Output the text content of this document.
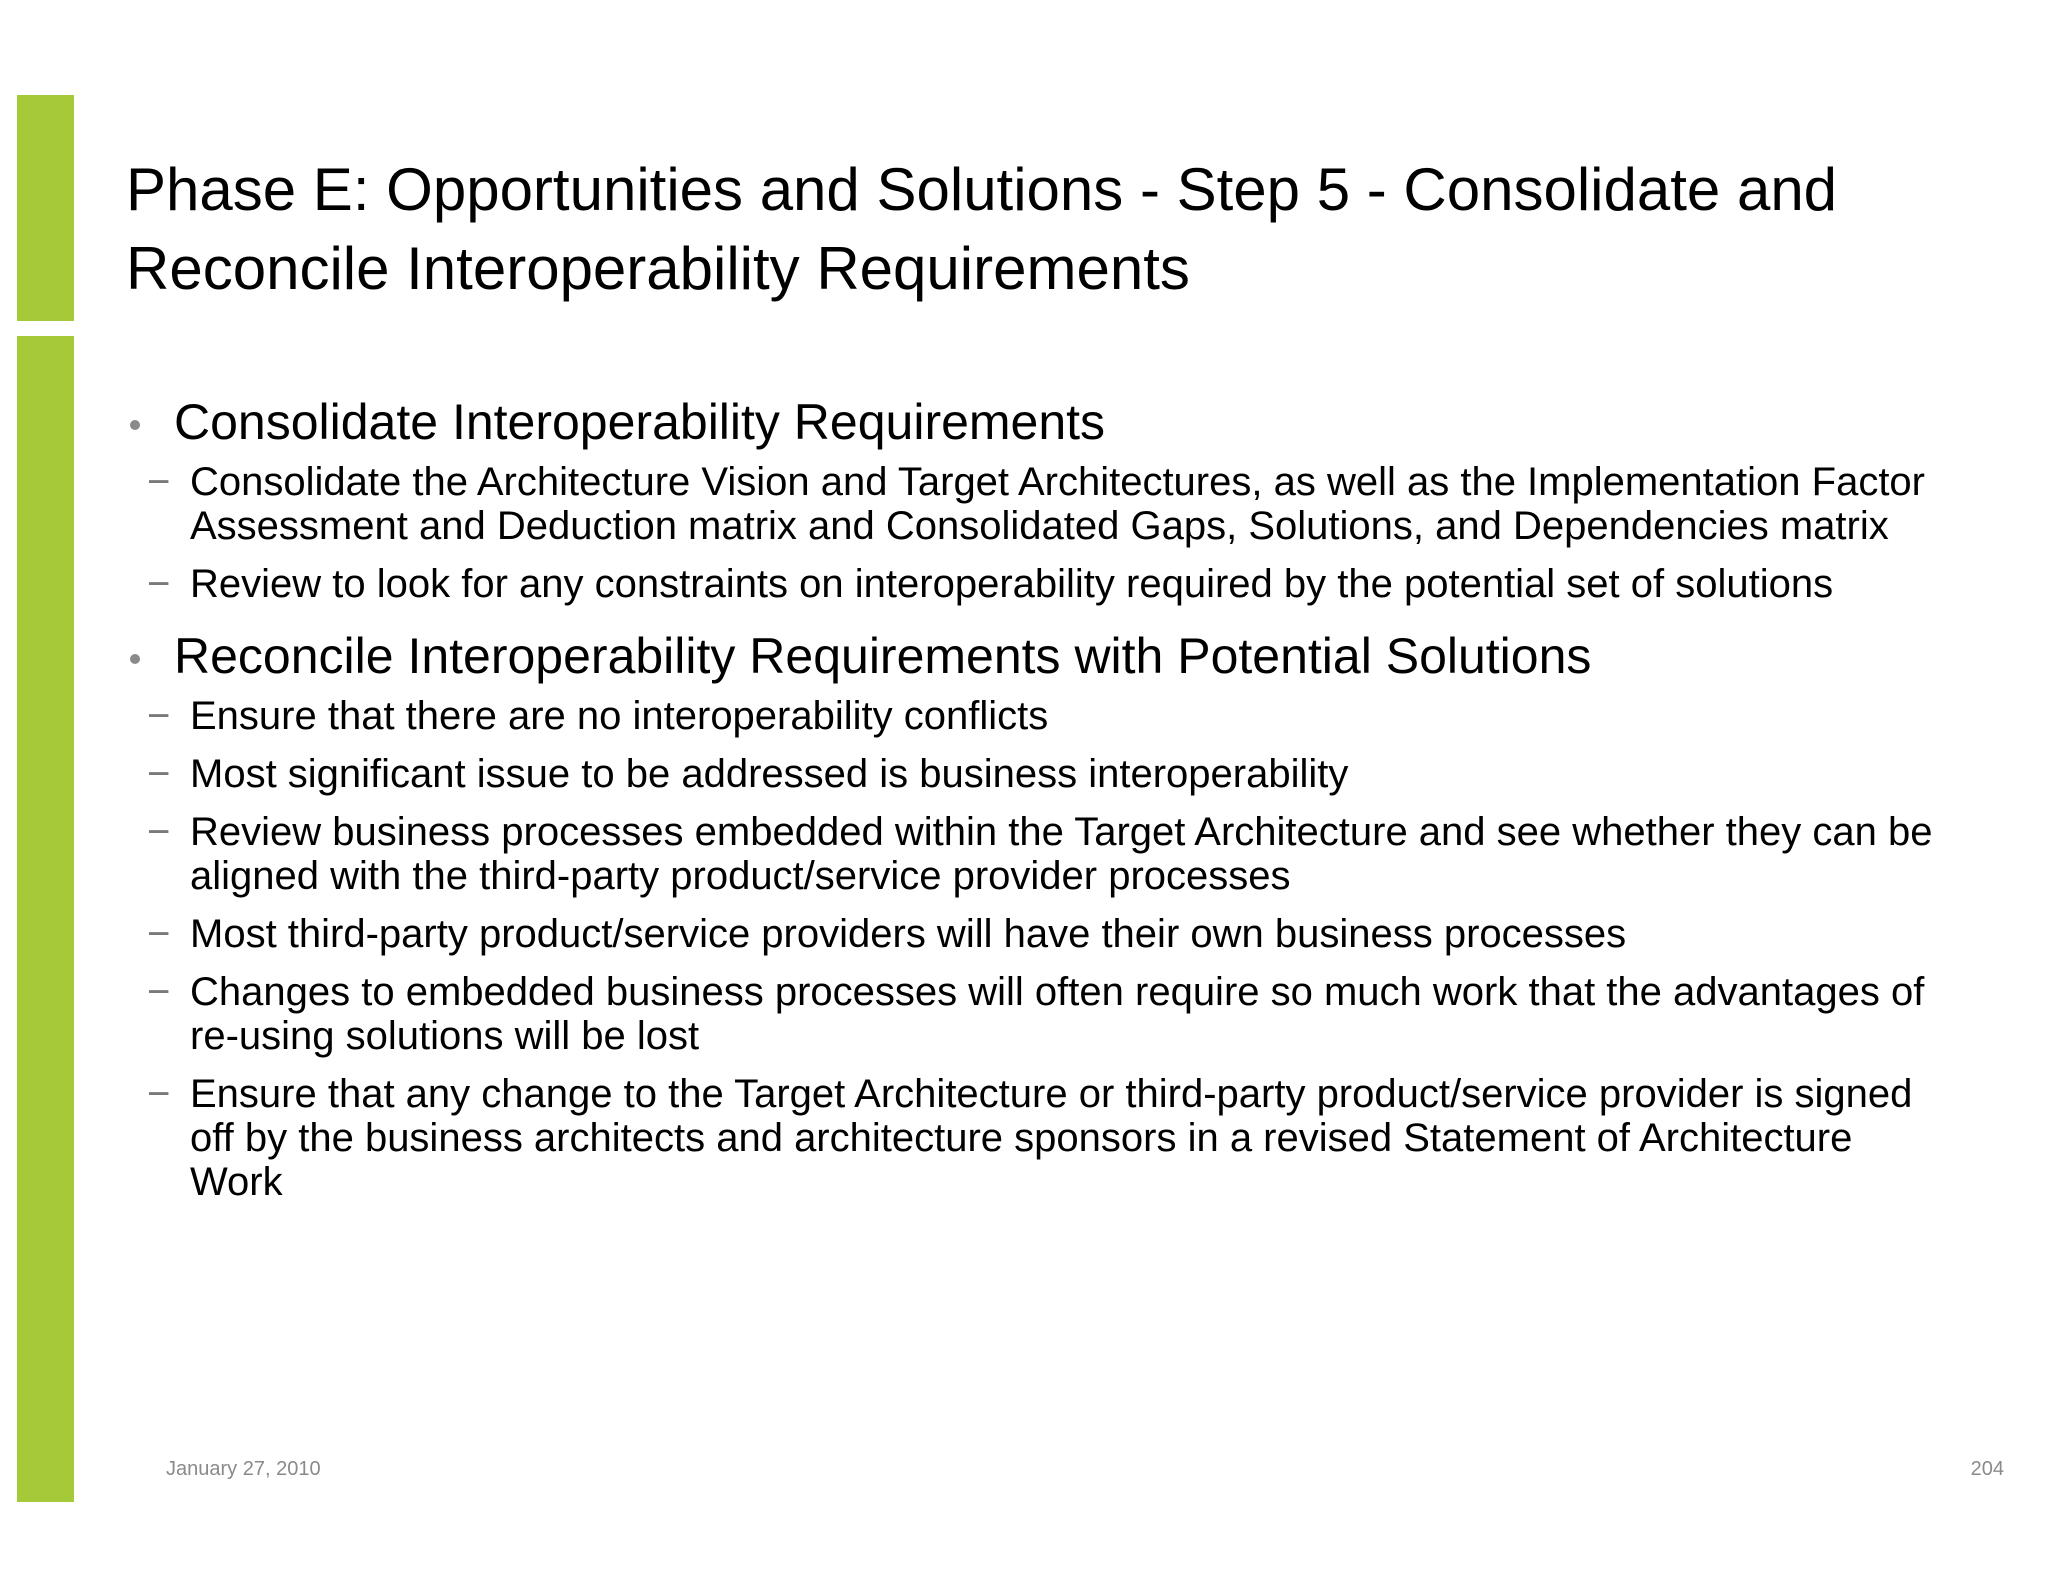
Phase E: Opportunities and Solutions - Step 5 - Consolidate and Reconcile Interoperability Requirements
Consolidate Interoperability Requirements
− Consolidate the Architecture Vision and Target Architectures, as well as the Implementation Factor Assessment and Deduction matrix and Consolidated Gaps, Solutions, and Dependencies matrix
− Review to look for any constraints on interoperability required by the potential set of solutions
Reconcile Interoperability Requirements with Potential Solutions
− Ensure that there are no interoperability conflicts
− Most significant issue to be addressed is business interoperability
− Review business processes embedded within the Target Architecture and see whether they can be aligned with the third-party product/service provider processes
− Most third-party product/service providers will have their own business processes
− Changes to embedded business processes will often require so much work that the advantages of re-using solutions will be lost
− Ensure that any change to the Target Architecture or third-party product/service provider is signed off by the business architects and architecture sponsors in a revised Statement of Architecture Work
January 27, 2010	204
